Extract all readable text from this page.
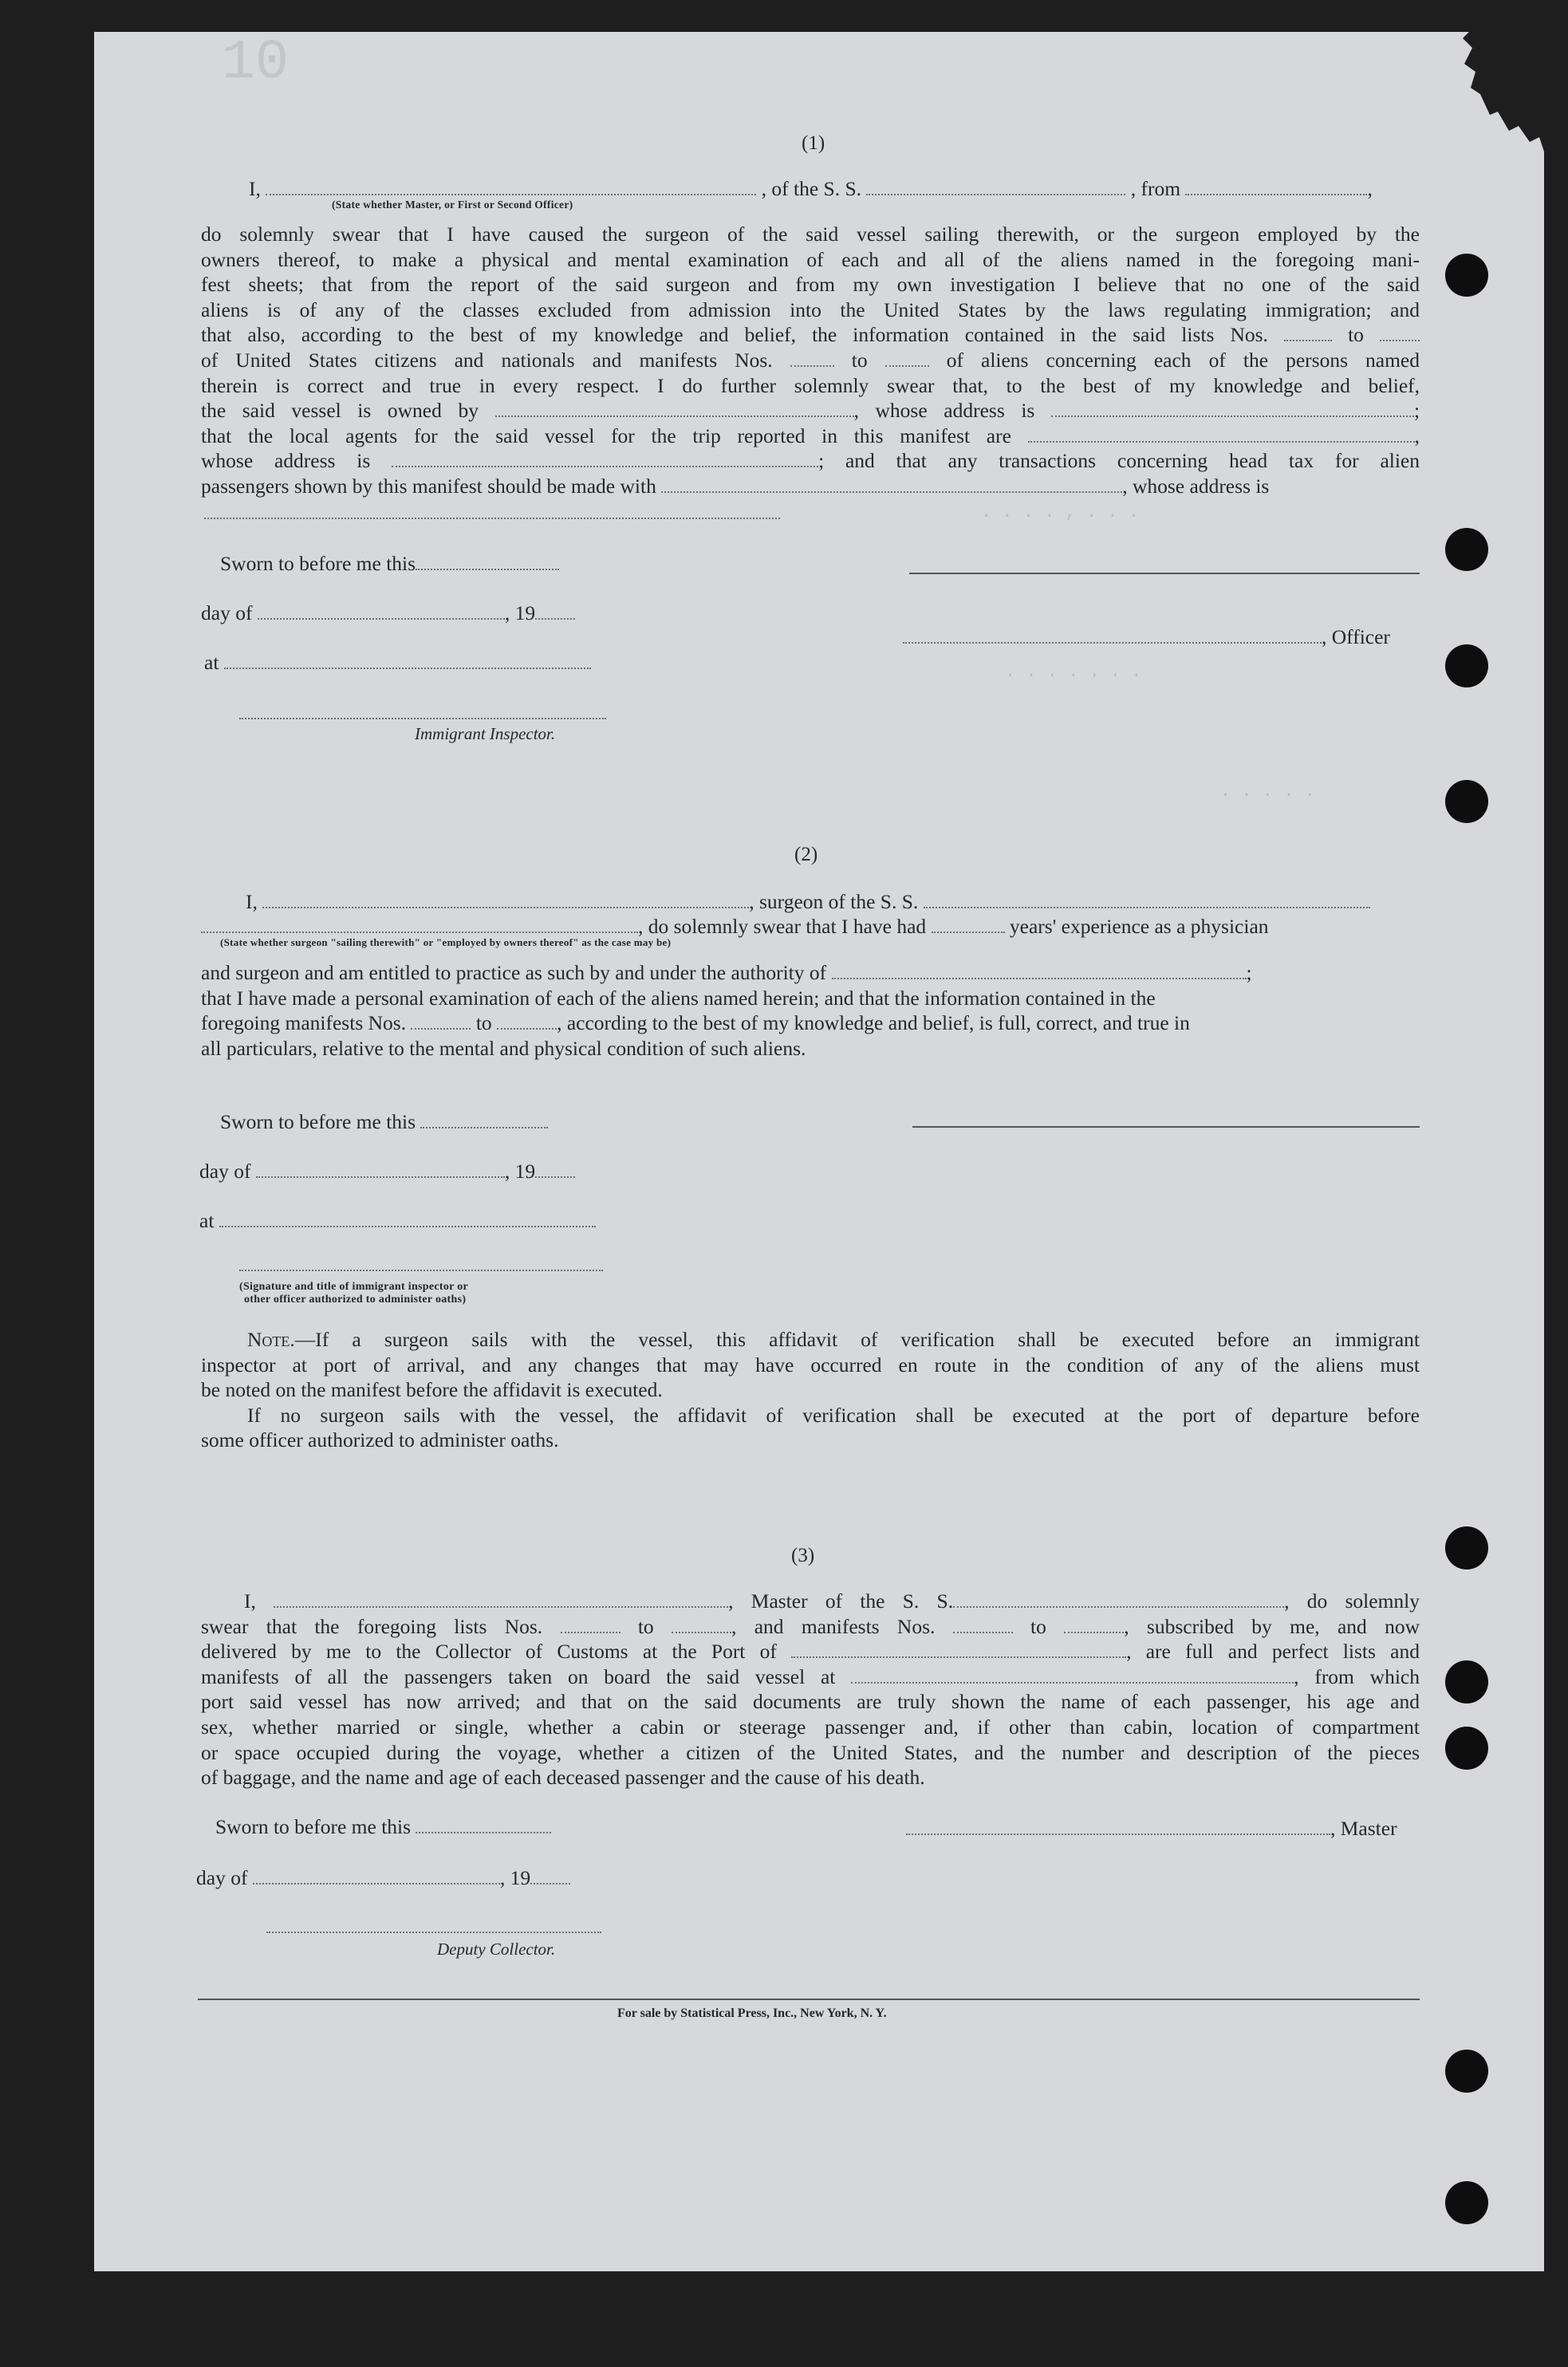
10
(1)
I,	, of the S. S.	, from	,
(State whether Master, or First or Second Officer)
do solemnly swear that I have caused the surgeon of the said vessel sailing therewith, or the surgeon employed by the
owners thereof, to make a physical and mental examination of each and all of the aliens named in the foregoing mani-
fest sheets; that from the report of the said surgeon and from my own investigation I believe that no one of the said
aliens is of any of the classes excluded from admission into the United States by the laws regulating immigration; and
that also, according to the best of my knowledge and belief, the information contained in the said lists Nos.	to
of United States citizens and nationals and manifests Nos.	to	of aliens concerning each of the persons named
therein is correct and true in every respect. I do further solemnly swear that, to the best of my knowledge and belief,
the said vessel is owned by	, whose address is	;
that the local agents for the said vessel for the trip reported in this manifest are	,
whose address is	; and that any transactions concerning head tax for alien
passengers shown by this manifest should be made with	, whose address is
Sworn to before me this
day of	, 19
at
Immigrant Inspector.
, Officer
. . . . , . . .
. . . . . . .
. . . . .
(2)
I,	, surgeon of the S. S.
, do solemnly swear that I have had	years' experience as a physician
(State whether surgeon "sailing therewith" or "employed by owners thereof" as the case may be)
and surgeon and am entitled to practice as such by and under the authority of	;
that I have made a personal examination of each of the aliens named herein; and that the information contained in the
foregoing manifests Nos.	to	, according to the best of my knowledge and belief, is full, correct, and true in
all particulars, relative to the mental and physical condition of such aliens.
Sworn to before me this
day of	, 19
at
(Signature and title of immigrant inspector or
other officer authorized to administer oaths)
Note.—If a surgeon sails with the vessel, this affidavit of verification shall be executed before an immigrant
inspector at port of arrival, and any changes that may have occurred en route in the condition of any of the aliens must
be noted on the manifest before the affidavit is executed.
If no surgeon sails with the vessel, the affidavit of verification shall be executed at the port of departure before
some officer authorized to administer oaths.
(3)
I,	, Master of the S. S.	, do solemnly
swear that the foregoing lists Nos.	to	, and manifests Nos.	to	, subscribed by me, and now
delivered by me to the Collector of Customs at the Port of	, are full and perfect lists and
manifests of all the passengers taken on board the said vessel at	, from which
port said vessel has now arrived; and that on the said documents are truly shown the name of each passenger, his age and
sex, whether married or single, whether a cabin or steerage passenger and, if other than cabin, location of compartment
or space occupied during the voyage, whether a citizen of the United States, and the number and description of the pieces
of baggage, and the name and age of each deceased passenger and the cause of his death.
Sworn to before me this	, Master
day of	, 19
Deputy Collector.
For sale by Statistical Press, Inc., New York, N. Y.
